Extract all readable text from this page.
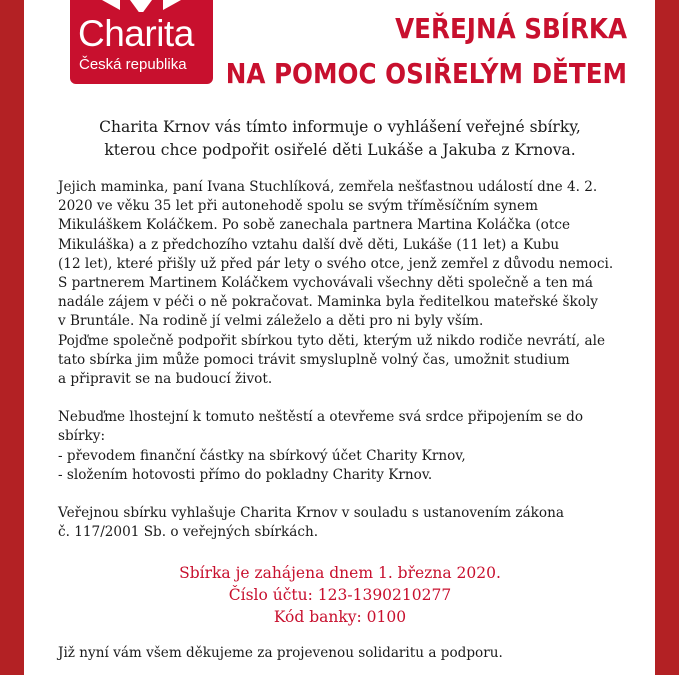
Charita
Česká republika
VEŘEJNÁ SBÍRKA
NA POMOC OSIŘELÝM DĚTEM
Charita Krnov vás tímto informuje o vyhlášení veřejné sbírky,
kterou chce podpořit osiřelé děti Lukáše a Jakuba z Krnova.

Jejich maminka, paní Ivana Stuchlíková, zemřela nešťastnou událostí dne 4. 2.

2020 ve věku 35 let při autonehodě spolu se svým tříměsíčním synem

Mikuláškem Koláčkem. Po sobě zanechala partnera Martina Koláčka (otce

Mikuláška) a z předchozího vztahu další dvě děti, Lukáše (11 let) a Kubu

(12 let), které přišly už před pár lety o svého otce, jenž zemřel z důvodu nemoci.

S partnerem Martinem Koláčkem vychovávali všechny děti společně a ten má

nadále zájem v péči o ně pokračovat. Maminka byla ředitelkou mateřské školy

v Bruntále. Na rodině jí velmi záleželo a děti pro ni byly vším.

Pojďme společně podpořit sbírkou tyto děti, kterým už nikdo rodiče nevrátí, ale

tato sbírka jim může pomoci trávit smysluplně volný čas, umožnit studium

a připravit se na budoucí život.

Nebuďme lhostejní k tomuto neštěstí a otevřeme svá srdce připojením se do

sbírky:

- převodem finanční částky na sbírkový účet Charity Krnov,

- složením hotovosti přímo do pokladny Charity Krnov.

Veřejnou sbírku vyhlašuje Charita Krnov v souladu s ustanovením zákona

č. 117/2001 Sb. o veřejných sbírkách.

Sbírka je zahájena dnem 1. března 2020.
Číslo účtu: 123-1390210277
Kód banky: 0100
Již nyní vám všem děkujeme za projevenou solidaritu a podporu.
